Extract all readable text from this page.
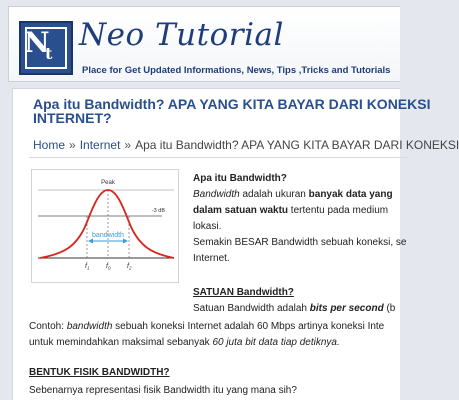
N
t
Neo Tutorial
Place for Get Updated Informations, News, Tips ,Tricks and Tutorials
Apa itu Bandwidth? APA YANG KITA BAYAR DARI KONEKSI
INTERNET?
Home » Internet » Apa itu Bandwidth? APA YANG KITA BAYAR DARI KONEKSI
Peak
-3 dB
bandwidth
$f_1$ $f_0$ $f_2$
Apa itu Bandwidth?
Bandwidth adalah ukuran banyak data yang
dalam satuan waktu tertentu pada medium
lokasi.
Semakin BESAR Bandwidth sebuah koneksi, se
Internet.
SATUAN Bandwidth?
Satuan Bandwidth adalah bits per second (b
Contoh: bandwidth sebuah koneksi Internet adalah 60 Mbps artinya koneksi Inte
untuk memindahkan maksimal sebanyak 60 juta bit data tiap detiknya.
BENTUK FISIK BANDWIDTH?
Sebenarnya representasi fisik Bandwidth itu yang mana sih?
